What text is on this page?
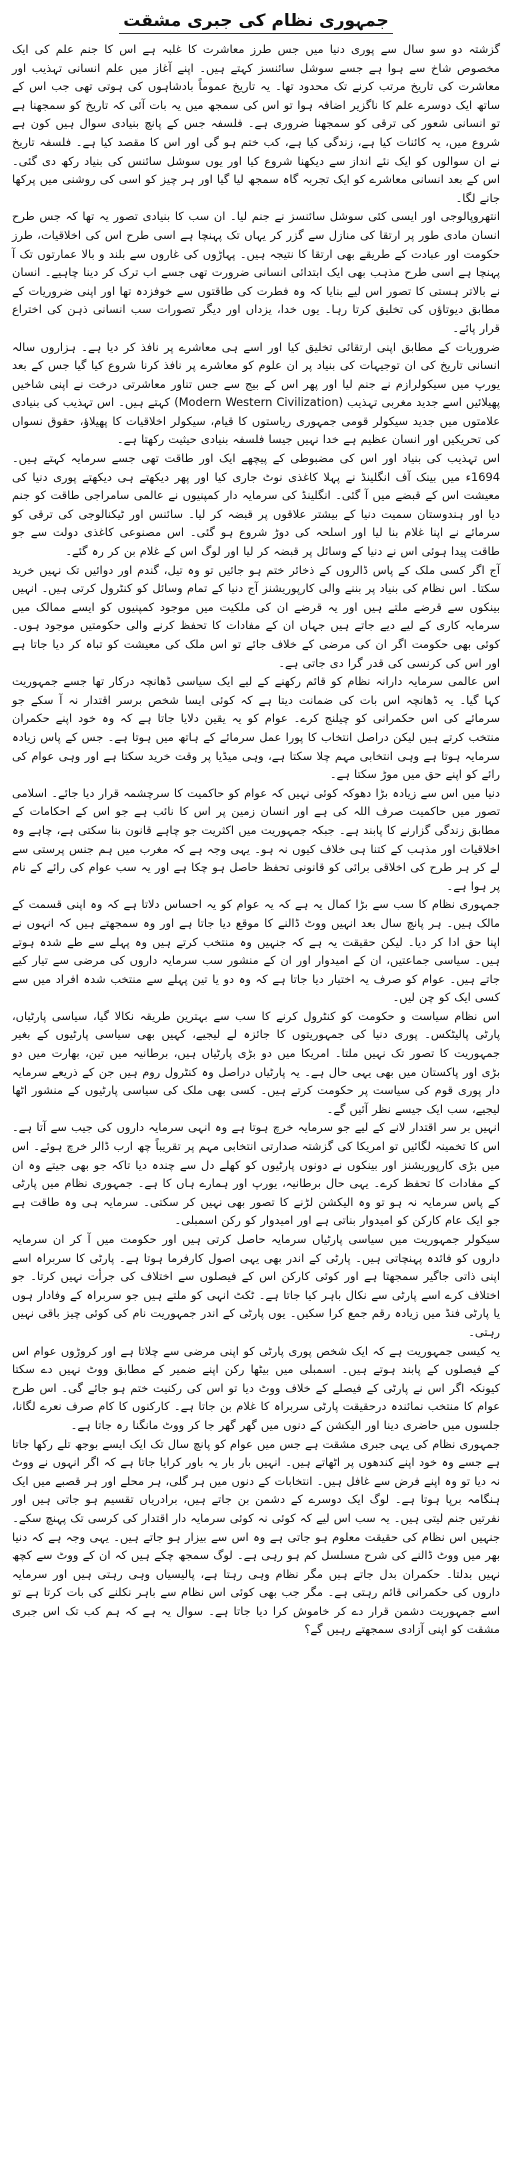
جمہوری نظام کی جبری مشقت

گزشتہ دو سو سال سے پوری دنیا میں جس طرز معاشرت کا غلبہ ہے اس کا جنم علم کی ایک مخصوص شاخ سے ہوا ہے جسے سوشل سائنسز کہتے ہیں۔ اپنے آغاز میں علم انسانی تہذیب اور معاشرت کی تاریخ مرتب کرنے تک محدود تھا۔ یہ تاریخ عموماً بادشاہوں کی ہوتی تھی جب اس کے ساتھ ایک دوسرے علم کا ناگزیر اضافہ ہوا تو اس کی سمجھ میں یہ بات آئی کہ تاریخ کو سمجھنا ہے تو انسانی شعور کی ترقی کو سمجھنا ضروری ہے۔ فلسفہ جس کے پانچ بنیادی سوال ہیں کون ہے شروع میں، یہ کائنات کیا ہے، زندگی کیا ہے، کب ختم ہو گی اور اس کا مقصد کیا ہے۔ فلسفہ تاریخ نے ان سوالوں کو ایک نئے انداز سے دیکھنا شروع کیا اور یوں سوشل سائنس کی بنیاد رکھ دی گئی۔ اس کے بعد انسانی معاشرے کو ایک تجربہ گاہ سمجھ لیا گیا اور ہر چیز کو اسی کی روشنی میں پرکھا جانے لگا۔

انتھروپالوجی اور ایسی کئی سوشل سائنسز نے جنم لیا۔ ان سب کا بنیادی تصور یہ تھا کہ جس طرح انسان مادی طور پر ارتقا کی منازل سے گزر کر یہاں تک پہنچا ہے اسی طرح اس کی اخلاقیات، طرز حکومت اور عبادت کے طریقے بھی ارتقا کا نتیجہ ہیں۔ پہاڑوں کی غاروں سے بلند و بالا عمارتوں تک آ پہنچا ہے اسی طرح مذہب بھی ایک ابتدائی انسانی ضرورت تھی جسے اب ترک کر دینا چاہیے۔ انسان نے بالاتر ہستی کا تصور اس لیے بنایا کہ وہ فطرت کی طاقتوں سے خوفزدہ تھا اور اپنی ضروریات کے مطابق دیوتاؤں کی تخلیق کرتا رہا۔ یوں خدا، یزداں اور دیگر تصورات سب انسانی ذہن کی اختراع قرار پائے۔

ضروریات کے مطابق اپنی ارتقائی تخلیق کیا اور اسے ہی معاشرے پر نافذ کر دیا ہے۔ ہزاروں سالہ انسانی تاریخ کی ان توجیہات کی بنیاد پر ان علوم کو معاشرے پر نافذ کرنا شروع کیا گیا جس کے بعد یورپ میں سیکولرازم نے جنم لیا اور پھر اس کے بیج سے جس تناور معاشرتی درخت نے اپنی شاخیں پھیلائیں اسے جدید مغربی تہذیب (Modern Western Civilization) کہتے ہیں۔ اس تہذیب کی بنیادی علامتوں میں جدید سیکولر قومی جمہوری ریاستوں کا قیام، سیکولر اخلاقیات کا پھیلاؤ، حقوق نسواں کی تحریکیں اور انسان عظیم ہے خدا نہیں جیسا فلسفہ بنیادی حیثیت رکھتا ہے۔

اس تہذیب کی بنیاد اور اس کی مضبوطی کے پیچھے ایک اور طاقت تھی جسے سرمایہ کہتے ہیں۔ 1694ء میں بینک آف انگلینڈ نے پہلا کاغذی نوٹ جاری کیا اور پھر دیکھتے ہی دیکھتے پوری دنیا کی معیشت اس کے قبضے میں آ گئی۔ انگلینڈ کی سرمایہ دار کمپنیوں نے عالمی سامراجی طاقت کو جنم دیا اور ہندوستان سمیت دنیا کے بیشتر علاقوں پر قبضہ کر لیا۔ سائنس اور ٹیکنالوجی کی ترقی کو سرمائے نے اپنا غلام بنا لیا اور اسلحہ کی دوڑ شروع ہو گئی۔ اس مصنوعی کاغذی دولت سے جو طاقت پیدا ہوئی اس نے دنیا کے وسائل پر قبضہ کر لیا اور لوگ اس کے غلام بن کر رہ گئے۔

آج اگر کسی ملک کے پاس ڈالروں کے ذخائر ختم ہو جائیں تو وہ تیل، گندم اور دوائیں تک نہیں خرید سکتا۔ اس نظام کی بنیاد پر بننے والی کارپوریشنز آج دنیا کے تمام وسائل کو کنٹرول کرتی ہیں۔ انہیں بینکوں سے قرضے ملتے ہیں اور یہ قرضے ان کی ملکیت میں موجود کمپنیوں کو ایسے ممالک میں سرمایہ کاری کے لیے دیے جاتے ہیں جہاں ان کے مفادات کا تحفظ کرنے والی حکومتیں موجود ہوں۔ کوئی بھی حکومت اگر ان کی مرضی کے خلاف جائے تو اس ملک کی معیشت کو تباہ کر دیا جاتا ہے اور اس کی کرنسی کی قدر گرا دی جاتی ہے۔

اس عالمی سرمایہ دارانہ نظام کو قائم رکھنے کے لیے ایک سیاسی ڈھانچہ درکار تھا جسے جمہوریت کہا گیا۔ یہ ڈھانچہ اس بات کی ضمانت دیتا ہے کہ کوئی ایسا شخص برسر اقتدار نہ آ سکے جو سرمائے کی اس حکمرانی کو چیلنج کرے۔ عوام کو یہ یقین دلایا جاتا ہے کہ وہ خود اپنے حکمران منتخب کرتے ہیں لیکن دراصل انتخاب کا پورا عمل سرمائے کے ہاتھ میں ہوتا ہے۔ جس کے پاس زیادہ سرمایہ ہوتا ہے وہی انتخابی مہم چلا سکتا ہے، وہی میڈیا پر وقت خرید سکتا ہے اور وہی عوام کی رائے کو اپنے حق میں موڑ سکتا ہے۔

دنیا میں اس سے زیادہ بڑا دھوکہ کوئی نہیں کہ عوام کو حاکمیت کا سرچشمہ قرار دیا جائے۔ اسلامی تصور میں حاکمیت صرف اللہ کی ہے اور انسان زمین پر اس کا نائب ہے جو اس کے احکامات کے مطابق زندگی گزارنے کا پابند ہے۔ جبکہ جمہوریت میں اکثریت جو چاہے قانون بنا سکتی ہے، چاہے وہ اخلاقیات اور مذہب کے کتنا ہی خلاف کیوں نہ ہو۔ یہی وجہ ہے کہ مغرب میں ہم جنس پرستی سے لے کر ہر طرح کی اخلاقی برائی کو قانونی تحفظ حاصل ہو چکا ہے اور یہ سب عوام کی رائے کے نام پر ہوا ہے۔

جمہوری نظام کا سب سے بڑا کمال یہ ہے کہ یہ عوام کو یہ احساس دلاتا ہے کہ وہ اپنی قسمت کے مالک ہیں۔ ہر پانچ سال بعد انہیں ووٹ ڈالنے کا موقع دیا جاتا ہے اور وہ سمجھتے ہیں کہ انہوں نے اپنا حق ادا کر دیا۔ لیکن حقیقت یہ ہے کہ جنہیں وہ منتخب کرتے ہیں وہ پہلے سے طے شدہ ہوتے ہیں۔ سیاسی جماعتیں، ان کے امیدوار اور ان کے منشور سب سرمایہ داروں کی مرضی سے تیار کیے جاتے ہیں۔ عوام کو صرف یہ اختیار دیا جاتا ہے کہ وہ دو یا تین پہلے سے منتخب شدہ افراد میں سے کسی ایک کو چن لیں۔

اس نظام سیاست و حکومت کو کنٹرول کرنے کا سب سے بہترین طریقہ نکالا گیا، سیاسی پارٹیاں، پارٹی پالیٹکس۔ پوری دنیا کی جمہوریتوں کا جائزہ لے لیجیے، کہیں بھی سیاسی پارٹیوں کے بغیر جمہوریت کا تصور تک نہیں ملتا۔ امریکا میں دو بڑی پارٹیاں ہیں، برطانیہ میں تین، بھارت میں دو بڑی اور پاکستان میں بھی یہی حال ہے۔ یہ پارٹیاں دراصل وہ کنٹرول روم ہیں جن کے ذریعے سرمایہ دار پوری قوم کی سیاست پر حکومت کرتے ہیں۔ کسی بھی ملک کی سیاسی پارٹیوں کے منشور اٹھا لیجیے، سب ایک جیسے نظر آئیں گے۔

انہیں بر سر اقتدار لانے کے لیے جو سرمایہ خرچ ہوتا ہے وہ انہی سرمایہ داروں کی جیب سے آتا ہے۔ اس کا تخمینہ لگائیں تو امریکا کی گزشتہ صدارتی انتخابی مہم پر تقریباً چھ ارب ڈالر خرچ ہوئے۔ اس میں بڑی کارپوریشنز اور بینکوں نے دونوں پارٹیوں کو کھلے دل سے چندہ دیا تاکہ جو بھی جیتے وہ ان کے مفادات کا تحفظ کرے۔ یہی حال برطانیہ، یورپ اور ہمارے ہاں کا ہے۔ جمہوری نظام میں پارٹی کے پاس سرمایہ نہ ہو تو وہ الیکشن لڑنے کا تصور بھی نہیں کر سکتی۔ سرمایہ ہی وہ طاقت ہے جو ایک عام کارکن کو امیدوار بناتی ہے اور امیدوار کو رکن اسمبلی۔

سیکولر جمہوریت میں سیاسی پارٹیاں سرمایہ حاصل کرتی ہیں اور حکومت میں آ کر ان سرمایہ داروں کو فائدہ پہنچاتی ہیں۔ پارٹی کے اندر بھی یہی اصول کارفرما ہوتا ہے۔ پارٹی کا سربراہ اسے اپنی ذاتی جاگیر سمجھتا ہے اور کوئی کارکن اس کے فیصلوں سے اختلاف کی جرأت نہیں کرتا۔ جو اختلاف کرے اسے پارٹی سے نکال باہر کیا جاتا ہے۔ ٹکٹ انہی کو ملتے ہیں جو سربراہ کے وفادار ہوں یا پارٹی فنڈ میں زیادہ رقم جمع کرا سکیں۔ یوں پارٹی کے اندر جمہوریت نام کی کوئی چیز باقی نہیں رہتی۔

یہ کیسی جمہوریت ہے کہ ایک شخص پوری پارٹی کو اپنی مرضی سے چلاتا ہے اور کروڑوں عوام اس کے فیصلوں کے پابند ہوتے ہیں۔ اسمبلی میں بیٹھا رکن اپنے ضمیر کے مطابق ووٹ نہیں دے سکتا کیونکہ اگر اس نے پارٹی کے فیصلے کے خلاف ووٹ دیا تو اس کی رکنیت ختم ہو جائے گی۔ اس طرح عوام کا منتخب نمائندہ درحقیقت پارٹی سربراہ کا غلام بن جاتا ہے۔ کارکنوں کا کام صرف نعرے لگانا، جلسوں میں حاضری دینا اور الیکشن کے دنوں میں گھر گھر جا کر ووٹ مانگنا رہ جاتا ہے۔

جمہوری نظام کی یہی جبری مشقت ہے جس میں عوام کو پانچ سال تک ایک ایسے بوجھ تلے رکھا جاتا ہے جسے وہ خود اپنے کندھوں پر اٹھاتے ہیں۔ انہیں بار بار یہ باور کرایا جاتا ہے کہ اگر انہوں نے ووٹ نہ دیا تو وہ اپنے فرض سے غافل ہیں۔ انتخابات کے دنوں میں ہر گلی، ہر محلے اور ہر قصبے میں ایک ہنگامہ برپا ہوتا ہے۔ لوگ ایک دوسرے کے دشمن بن جاتے ہیں، برادریاں تقسیم ہو جاتی ہیں اور نفرتیں جنم لیتی ہیں۔ یہ سب اس لیے کہ کوئی نہ کوئی سرمایہ دار اقتدار کی کرسی تک پہنچ سکے۔

جنہیں اس نظام کی حقیقت معلوم ہو جاتی ہے وہ اس سے بیزار ہو جاتے ہیں۔ یہی وجہ ہے کہ دنیا بھر میں ووٹ ڈالنے کی شرح مسلسل کم ہو رہی ہے۔ لوگ سمجھ چکے ہیں کہ ان کے ووٹ سے کچھ نہیں بدلتا۔ حکمران بدل جاتے ہیں مگر نظام وہی رہتا ہے، پالیسیاں وہی رہتی ہیں اور سرمایہ داروں کی حکمرانی قائم رہتی ہے۔ مگر جب بھی کوئی اس نظام سے باہر نکلنے کی بات کرتا ہے تو اسے جمہوریت دشمن قرار دے کر خاموش کرا دیا جاتا ہے۔ سوال یہ ہے کہ ہم کب تک اس جبری مشقت کو اپنی آزادی سمجھتے رہیں گے؟
